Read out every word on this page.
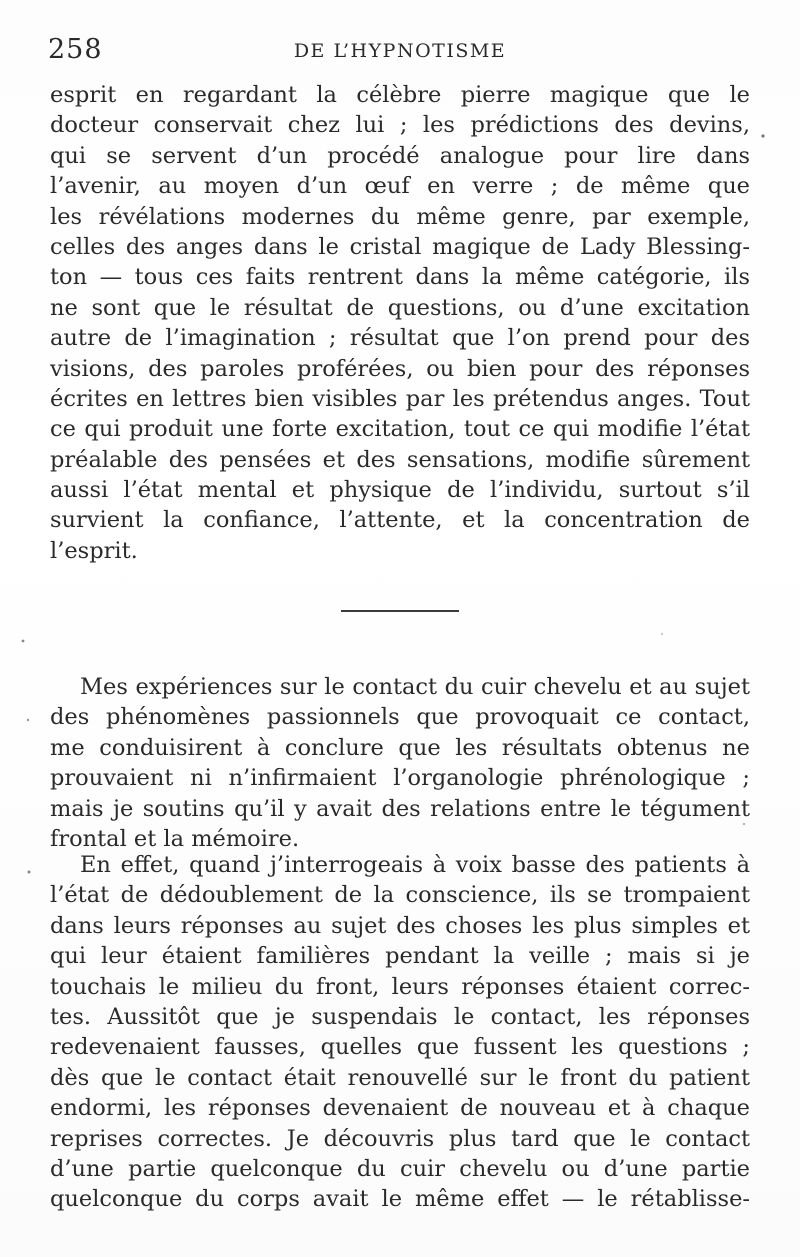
258	DE L’HYPNOTISME
esprit en regardant la célèbre pierre magique que le
docteur conservait chez lui ; les prédictions des devins,
qui se servent d’un procédé analogue pour lire dans
l’avenir, au moyen d’un œuf en verre ; de même que
les révélations modernes du même genre, par exemple,
celles des anges dans le cristal magique de Lady Blessing-
ton — tous ces faits rentrent dans la même catégorie, ils
ne sont que le résultat de questions, ou d’une excitation
autre de l’imagination ; résultat que l’on prend pour des
visions, des paroles proférées, ou bien pour des réponses
écrites en lettres bien visibles par les prétendus anges. Tout
ce qui produit une forte excitation, tout ce qui modifie l’état
préalable des pensées et des sensations, modifie sûrement
aussi l’état mental et physique de l’individu, surtout s’il
survient la confiance, l’attente, et la concentration de
l’esprit.
Mes expériences sur le contact du cuir chevelu et au sujet
des phénomènes passionnels que provoquait ce contact,
me conduisirent à conclure que les résultats obtenus ne
prouvaient ni n’infirmaient l’organologie phrénologique ;
mais je soutins qu’il y avait des relations entre le tégument
frontal et la mémoire.
En effet, quand j’interrogeais à voix basse des patients à
l’état de dédoublement de la conscience, ils se trompaient
dans leurs réponses au sujet des choses les plus simples et
qui leur étaient familières pendant la veille ; mais si je
touchais le milieu du front, leurs réponses étaient correc-
tes. Aussitôt que je suspendais le contact, les réponses
redevenaient fausses, quelles que fussent les questions ;
dès que le contact était renouvellé sur le front du patient
endormi, les réponses devenaient de nouveau et à chaque
reprises correctes. Je découvris plus tard que le contact
d’une partie quelconque du cuir chevelu ou d’une partie
quelconque du corps avait le même effet — le rétablisse-
